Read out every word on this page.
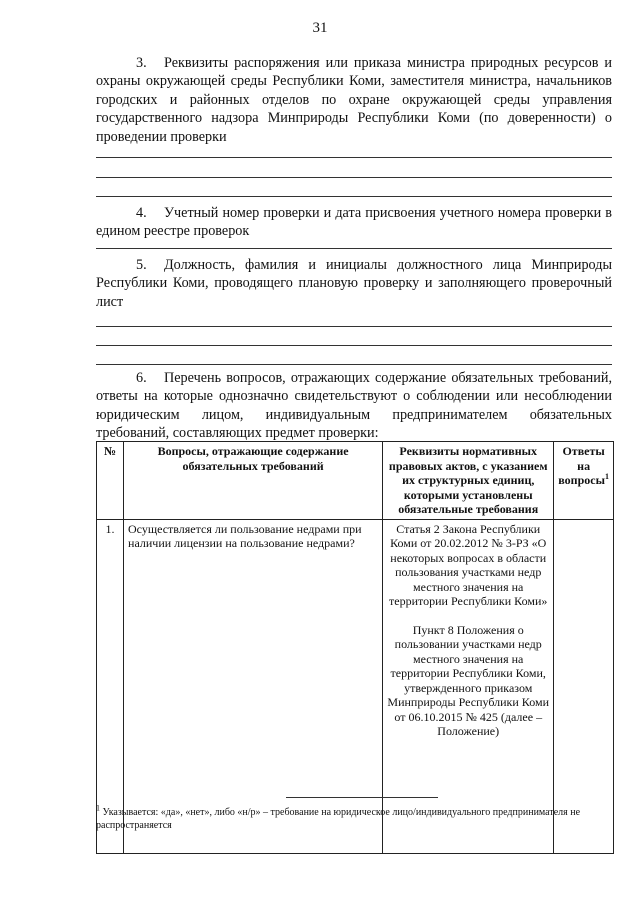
31

3. Реквизиты распоряжения или приказа министра природных ресурсов и охраны окружающей среды Республики Коми, заместителя министра, начальников городских и районных отделов по охране окружающей среды управления государственного надзора Минприроды Республики Коми (по доверенности) о проведении проверки

4. Учетный номер проверки и дата присвоения учетного номера проверки в едином реестре проверок

5. Должность, фамилия и инициалы должностного лица Минприроды Республики Коми, проводящего плановую проверку и заполняющего проверочный лист

6. Перечень вопросов, отражающих содержание обязательных требований, ответы на которые однозначно свидетельствуют о соблюдении или несоблюдении юридическим лицом, индивидуальным предпринимателем обязательных требований, составляющих предмет проверки:

№	Вопросы, отражающие содержание обязательных требований	Реквизиты нормативных правовых актов, с указанием их структурных единиц, которыми установлены обязательные требования	Ответы на вопросы$^1$
1.	Осуществляется ли пользование недрами при наличии лицензии на пользование недрами?	Статья 2 Закона Республики Коми от 20.02.2012 № 3-РЗ «О некоторых вопросах в области пользования участками недр местного значения на территории Республики Коми»
Пункт 8 Положения о пользовании участками недр местного значения на территории Республики Коми, утвержденного приказом Минприроды Республики Коми от 06.10.2015 № 425 (далее – Положение)	

$^1$ Указывается: «да», «нет», либо «н/р» – требование на юридическое лицо/индивидуального предпринимателя не распространяется
